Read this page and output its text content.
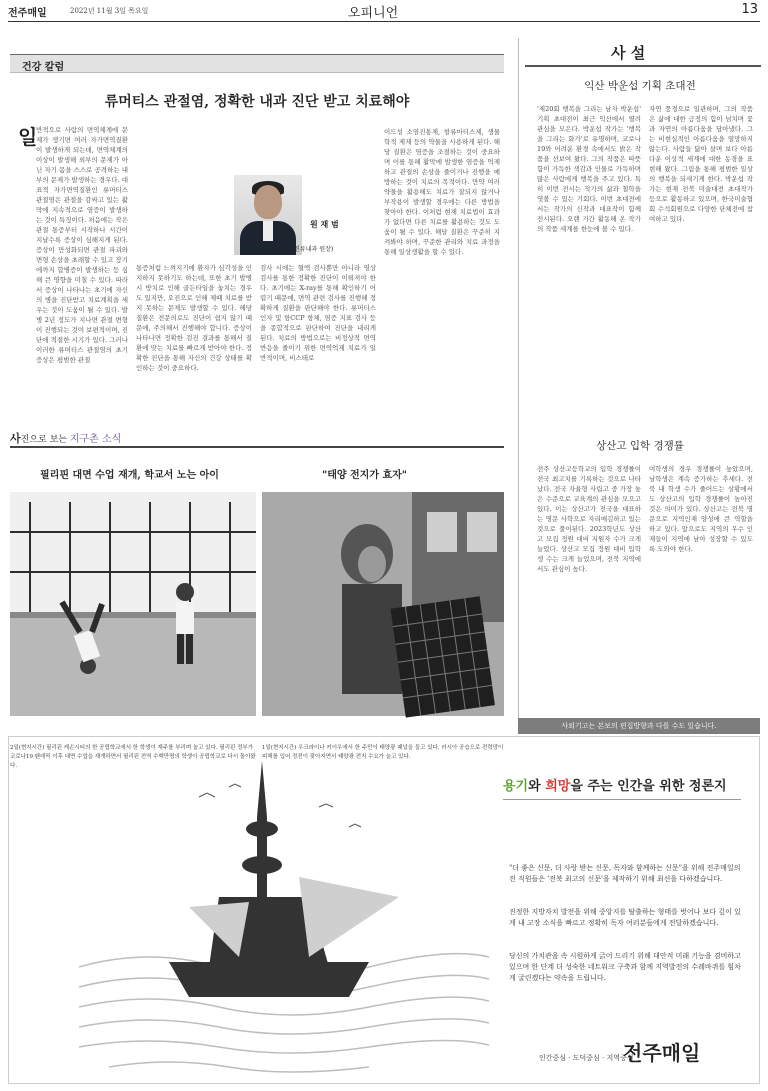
전주매일	2022년 11월 3일 목요일	오피니언	13
건강 칼럼
류머티스 관절염, 정확한 내과 진단 받고 치료해야
일
반적으로 사람의 면역체계에 문제가 생기면 여러 자가면역질환이 발생하게 되는데, 면역체계의 이상이 발생해 외부의 문제가 아닌 자기 몸을 스스로 공격하는 내부의 문제가 발생하는 경우다. 대표적 자가면역질환인 류머티스 관절염은 관절을 감싸고 있는 활막에 지속적으로 염증이 발생하는 것이 특징이다. 처음에는 작은 관절 통증부터 시작하나 시간이 지날수록 증상이 심해지게 된다. 증상이 만성화되면 관절 파괴와 변형 손상을 초래할 수 있고 장기에까지 합병증이 발생하는 등 심해 큰 영향을 미칠 수 있다. 따라서 증상이 나타나는 초기에 자신의 병을 진단받고 치료계획을 세우는 것이 도움이 될 수 있다. 발병 2년 정도가 지나면 관절 변형이 진행되는 것이 보편적이며, 진단에 적절한 시기가 있다. 그러나 이러한 류머티스 관절염의 초기 증상은 평범한 관절
원 재 범
(이진류내과 원장)
통증처럼 느껴지기에 환자가 심각성을 인지하지 못하기도 하는데, 또한 초기 발병 시 방치로 인해 골든타임을 놓치는 경우도 있지만, 오진으로 인해 제때 치료를 받지 못하는 문제도 발생할 수 있다. 해당 질환은 전문의로도 진단이 쉽지 않기 때문에, 주의해서 진행해야 합니다. 증상이 나타나면 정확한 검진 결과를 통해서 질환에 맞는 치료를 빠르게 받아야 한다. 정확한 진단을 통해 자신의 건강 상태를 확인하는 것이 중요하다.
검사 시에는 혈액 검사뿐만 아니라 영상 검사를 통한 정확한 진단이 이뤄져야 한다. 초기에는 X-ray를 통해 확인하기 어렵기 때문에, 면역 관련 검사를 진행해 정확하게 질환을 판단해야 한다. 류머티스 인자 및 항CCP 항체, 염증 지표 검사 등을 종합적으로 판단하여 진단을 내리게 된다. 치료의 방법으로는 비정상적 면역 반응을 줄이기 위한 면역억제 치료가 일반적이며, 비스테로
이드성 소염진통제, 항류마티스제, 생물학적 제제 등의 약물을 사용하게 된다. 해당 질환은 염증을 조절하는 것이 중요하며 이를 통해 활막에 발생한 염증을 억제하고 관절의 손상을 줄이거나 진행을 예방하는 것이 치료의 목적이다. 만약 여러 약물을 활용해도 치료가 잘되지 않거나 부작용이 발생할 경우에는 다른 방법을 찾아야 한다. 이처럼 현재 치료법이 효과가 없다면 다른 치료를 활용하는 것도 도움이 될 수 있다. 해당 질환은 꾸준히 지켜봐야 하며, 꾸준한 관리와 치료 과정을 통해 일상생활을 할 수 있다.
사진으로 보는 지구촌 소식
필리핀 대면 수업 재개, 학교서 노는 아이	"태양 전지가 효자"
2일(현지시간) 필리핀 케손시티의 한 공립학교에서 한 학생이 재주를 부리며 놀고 있다. 필리핀 정부가 코로나19 팬데믹 이후 대면 수업을 재개하면서 필리핀 전역 수백만명의 학생이 공립학교로 다시 돌아왔다.
1일(현지시간) 우크라이나 키이우에서 한 주민이 태양광 패널을 들고 있다. 러시아 공습으로 전력망이 피해를 입어 정전이 잦아지면서 태양광 전지 수요가 늘고 있다.
사 설
익산 박운섭 기획 초대전
'제20회 행복을 그리는 남자 박운섭' 기획 초대전이 최근 익산에서 열려 관심을 모은다. 박운섭 작가는 '행복을 그리는 화가'로 유명하며, 코로나19와 어려운 환경 속에서도 밝은 작품을 선보여 왔다. 그의 작품은 따뜻함이 가득한 색감과 인물로 가득하며 많은 사람에게 행복을 주고 있다. 특히 이번 전시는 작가의 삶과 철학을 엿볼 수 있는 기회다. 이번 초대전에서는 작가의 신작과 대표작이 함께 전시된다. 오랜 기간 활동해 온 작가의 작품 세계를 한눈에 볼 수 있다.
자연 풍경으로 일관하며, 그의 작품은 삶에 대한 긍정의 힘이 넘치며 꽃과 자연의 아름다움을 담아냈다. 그는 비현실적인 아름다움을 열망하지 않는다. 사람들 닮아 살며 보다 아름다운 이상적 세계에 대한 동경을 표현해 왔다. 그림을 통해 평범한 일상의 행복을 되새기게 한다. 박운섭 작가는 현재 전북 미술대전 초대작가 등으로 활동하고 있으며, 한국미술협회 수석회원으로 다양한 단체전에 참여하고 있다.
상산고 입학 경쟁률
전주 상산고등학교의 입학 경쟁률이 전국 최고치를 기록하는 것으로 나타났다. 전국 자율형 사립고 중 가장 높은 수준으로 교육계의 관심을 모으고 있다. 이는 상산고가 전국을 대표하는 명문 사학으로 자리매김하고 있는 것으로 풀이된다. 2023학년도 상산고 모집 정원 대비 지원자 수가 크게 늘었다. 상산고 모집 정원 대비 입학생 수는 크게 늘었으며, 전북 지역에서도 관심이 높다.
여학생의 경우 경쟁률이 높았으며, 남학생은 계속 증가하는 추세다. 전북 내 학생 수가 줄어드는 상황에서도 상산고의 입학 경쟁률이 높아진 것은 의미가 있다. 상산고는 전북 명문으로 지역인재 양성에 큰 역할을 하고 있다. 앞으로도 지역의 우수 인재들이 지역에 남아 성장할 수 있도록 도와야 한다.
사외기고는 본보의 편집방향과 다를 수도 있습니다.
용기와 희망을 주는 인간을 위한 정론지
"더 좋은 신문, 더 사랑 받는 신문, 독자와 함께하는 신문"을 위해 전주매일의 전 직원들은 '전북 최고의 신문'을 제작하기 위해 최선을 다하겠습니다.
진정한 지방자치 발전을 위해 중앙지를 탈출하는 형태를 벗어나 보다 깊이 있게 내 고장 소식을 빠르고 정확히 독자 여러분들에게 전달하겠습니다.
당신의 가치관을 속 시원하게 긁어 드리기 위해 대안적 미래 기능을 겸비하고 있으며 한 단계 더 성숙한 네트워크 구축과 함께 지역발전의 수레바퀴를 힘차게 굴린겠다는 약속을 드립니다.
인간중심 · 도덕중심 · 지역중심
전주매일
